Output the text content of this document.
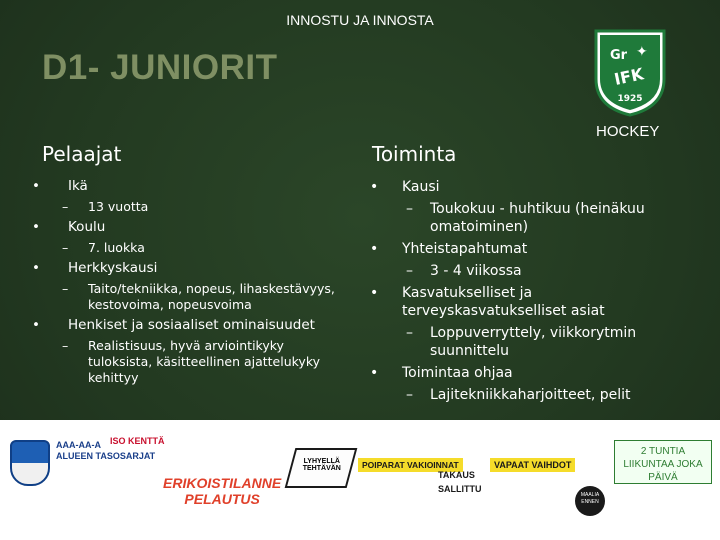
INNOSTU JA INNOSTA
D1- JUNIORIT	Gr ✦
IFK
1925
HOCKEY
Pelaajat	Toiminta
• Ikä
– 13 vuotta
• Koulu
– 7. luokka
• Herkkyskausi
– Taito/tekniikka, nopeus, lihaskestävyys, kestovoima, nopeusvoima
• Henkiset ja sosiaaliset ominaisuudet
– Realistisuus, hyvä arviointikyky tuloksista, käsitteellinen ajattelukyky kehittyy
• Kausi
– Toukokuu - huhtikuu (heinäkuu omatoiminen)
• Yhteistapahtumat
– 3 - 4 viikossa
• Kasvatukselliset ja terveyskasvatukselliset asiat
– Loppuverryttely, viikkorytmin suunnittelu
• Toimintaa ohjaa
– Lajitekniikkaharjoitteet, pelit
AAA-AA-A
ALUEEN TASOSARJAT
ISO KENTTÄ
ERIKOISTILANNE
PELAUTUS
LYHYELLÄ TEHTÄVÄN	POIPARAT VAKIOINNAT
TAKAUS
SALLITTU
VAPAAT VAIHDOT
MAALIA ENNEN
2 TUNTIA LIIKUNTAA JOKA PÄIVÄ
